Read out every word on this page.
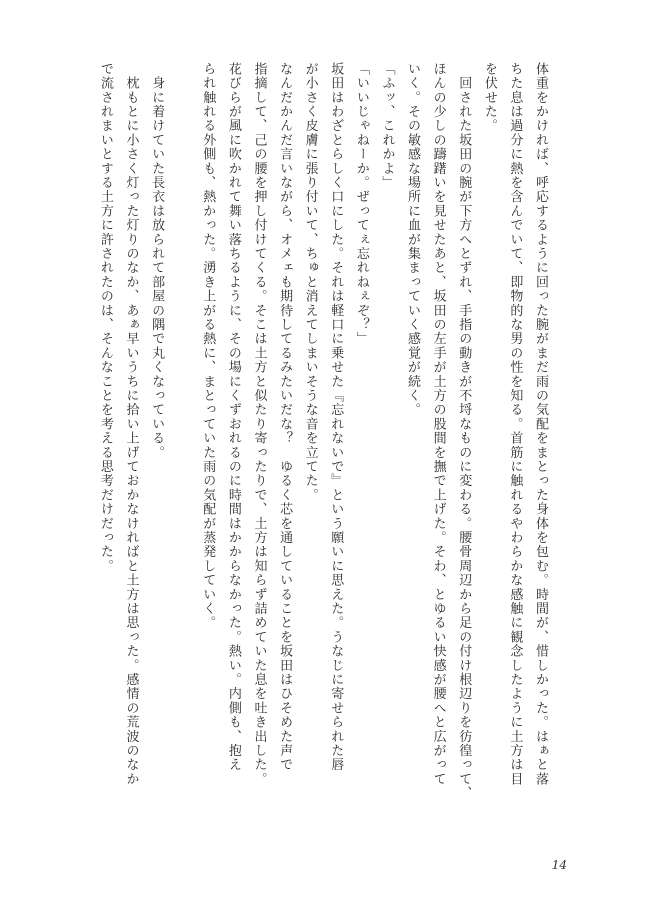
体重をかければ、呼応するように回った腕がまだ雨の気配をまとった身体を包む。時間が、惜しかった。はぁと落
ちた息は過分に熱を含んでいて、即物的な男の性を知る。首筋に触れるやわらかな感触に観念したように土方は目
を伏せた。
　回された坂田の腕が下方へとずれ、手指の動きが不埒なものに変わる。腰骨周辺から足の付け根辺りを彷徨って、
ほんの少しの躊躇いを見せたあと、坂田の左手が土方の股間を撫で上げた。そわ、とゆるい快感が腰へと広がって
いく。その敏感な場所に血が集まっていく感覚が続く。
「ふッ、これかよ」
「いいじゃねーか。ぜってぇ忘れねぇぞ？」
坂田はわざとらしく口にした。それは軽口に乗せた『忘れないで』という願いに思えた。うなじに寄せられた唇
が小さく皮膚に張り付いて、ちゅと消えてしまいそうな音を立てた。
なんだかんだ言いながら、オメェも期待してるみたいだな？　ゆるく芯を通していることを坂田はひそめた声で
指摘して、己の腰を押し付けてくる。そこは土方と似たり寄ったりで、土方は知らず詰めていた息を吐き出した。
花びらが風に吹かれて舞い落ちるように、その場にくずおれるのに時間はかからなかった。熱い。内側も、抱え
られ触れる外側も、熱かった。湧き上がる熱に、まとっていた雨の気配が蒸発していく。
　身に着けていた長衣は放られて部屋の隅で丸くなっている。
　枕もとに小さく灯った灯りのなか、あぁ早いうちに拾い上げておかなければと土方は思った。感情の荒波のなか
で流されまいとする土方に許されたのは、そんなことを考える思考だけだった。
14
